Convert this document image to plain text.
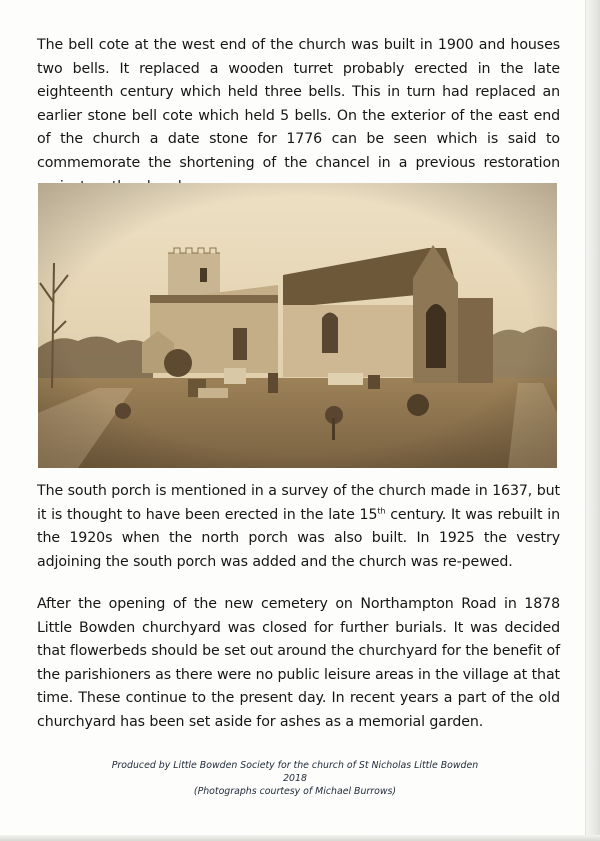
The bell cote at the west end of the church was built in 1900 and houses two bells. It replaced a wooden turret probably erected in the late eighteenth century which held three bells. This in turn had replaced an earlier stone bell cote which held 5 bells. On the exterior of the east end of the church a date stone for 1776 can be seen which is said to commemorate the shortening of the chancel in a previous restoration

The south porch is mentioned in a survey of the church made in 1637, but it is thought to have been erected in the late 15th century. It was rebuilt in the 1920s when the north porch was also built. In 1925 the vestry adjoining the south porch was added and the church was re-pewed.

After the opening of the new cemetery on Northampton Road in 1878 Little Bowden churchyard was closed for further burials. It was decided that flowerbeds should be set out around the churchyard for the benefit of the parishioners as there were no public leisure areas in the village at that time. These continue to the present day. In recent years a part of the old churchyard has been set aside for ashes as a memorial garden.

Produced by Little Bowden Society for the church of St Nicholas Little Bowden
2018
(Photographs courtesy of Michael Burrows)
